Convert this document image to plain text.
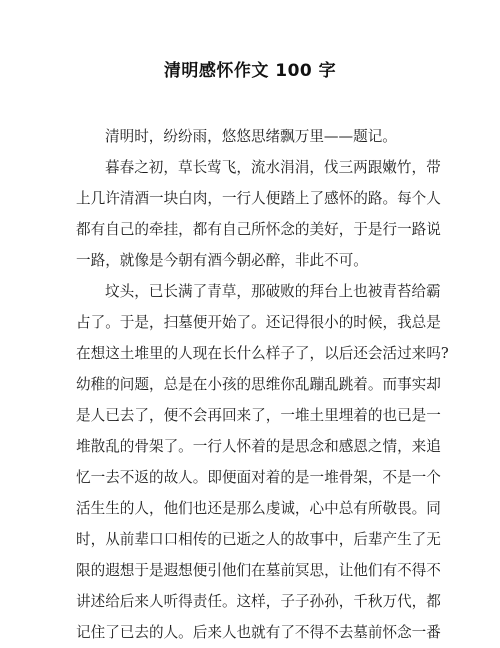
清明感怀作文 100 字
清明时，纷纷雨，悠悠思绪飘万里——题记。
暮春之初，草长莺飞，流水涓涓，伐三两跟嫩竹，带
上几许清酒一块白肉，一行人便踏上了感怀的路。每个人
都有自己的牵挂，都有自己所怀念的美好，于是行一路说
一路，就像是今朝有酒今朝必醉，非此不可。
坟头，已长满了青草，那破败的拜台上也被青苔给霸
占了。于是，扫墓便开始了。还记得很小的时候，我总是
在想这土堆里的人现在长什么样子了，以后还会活过来吗?
幼稚的问题，总是在小孩的思维你乱蹦乱跳着。而事实却
是人已去了，便不会再回来了，一堆土里埋着的也已是一
堆散乱的骨架了。一行人怀着的是思念和感恩之情，来追
忆一去不返的故人。即便面对着的是一堆骨架，不是一个
活生生的人，他们也还是那么虔诚，心中总有所敬畏。同
时，从前辈口口相传的已逝之人的故事中，后辈产生了无
限的遐想于是遐想便引他们在墓前冥思，让他们有不得不
讲述给后来人听得责任。这样，子子孙孙，千秋万代，都
记住了已去的人。后来人也就有了不得不去墓前怀念一番
